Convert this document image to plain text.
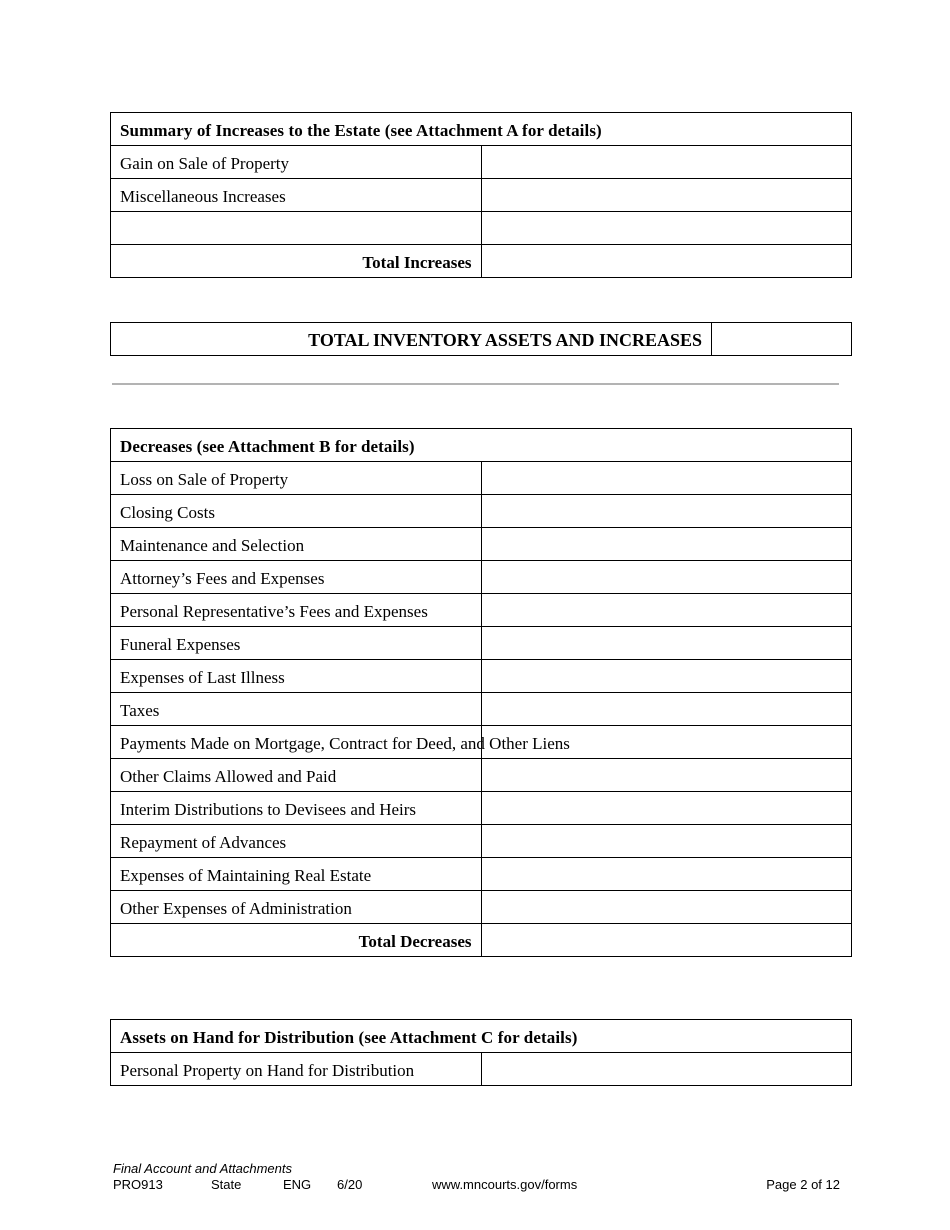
Summary of Increases to the Estate (see Attachment A for details)	
Gain on Sale of Property	
Miscellaneous Increases	

Total Increases	
TOTAL INVENTORY ASSETS AND INCREASES	
Decreases (see Attachment B for details)	
Loss on Sale of Property	
Closing Costs	
Maintenance and Selection	
Attorney’s Fees and Expenses	
Personal Representative’s Fees and Expenses	
Funeral Expenses	
Expenses of Last Illness	
Taxes	
Payments Made on Mortgage, Contract for Deed, and Other Liens	
Other Claims Allowed and Paid	
Interim Distributions to Devisees and Heirs	
Repayment of Advances	
Expenses of Maintaining Real Estate	
Other Expenses of Administration	
Total Decreases	
Assets on Hand for Distribution (see Attachment C for details)
Personal Property on Hand for Distribution	
Final Account and Attachments
PRO913	State	ENG 6/20	www.mncourts.gov/forms	Page 2 of 12
